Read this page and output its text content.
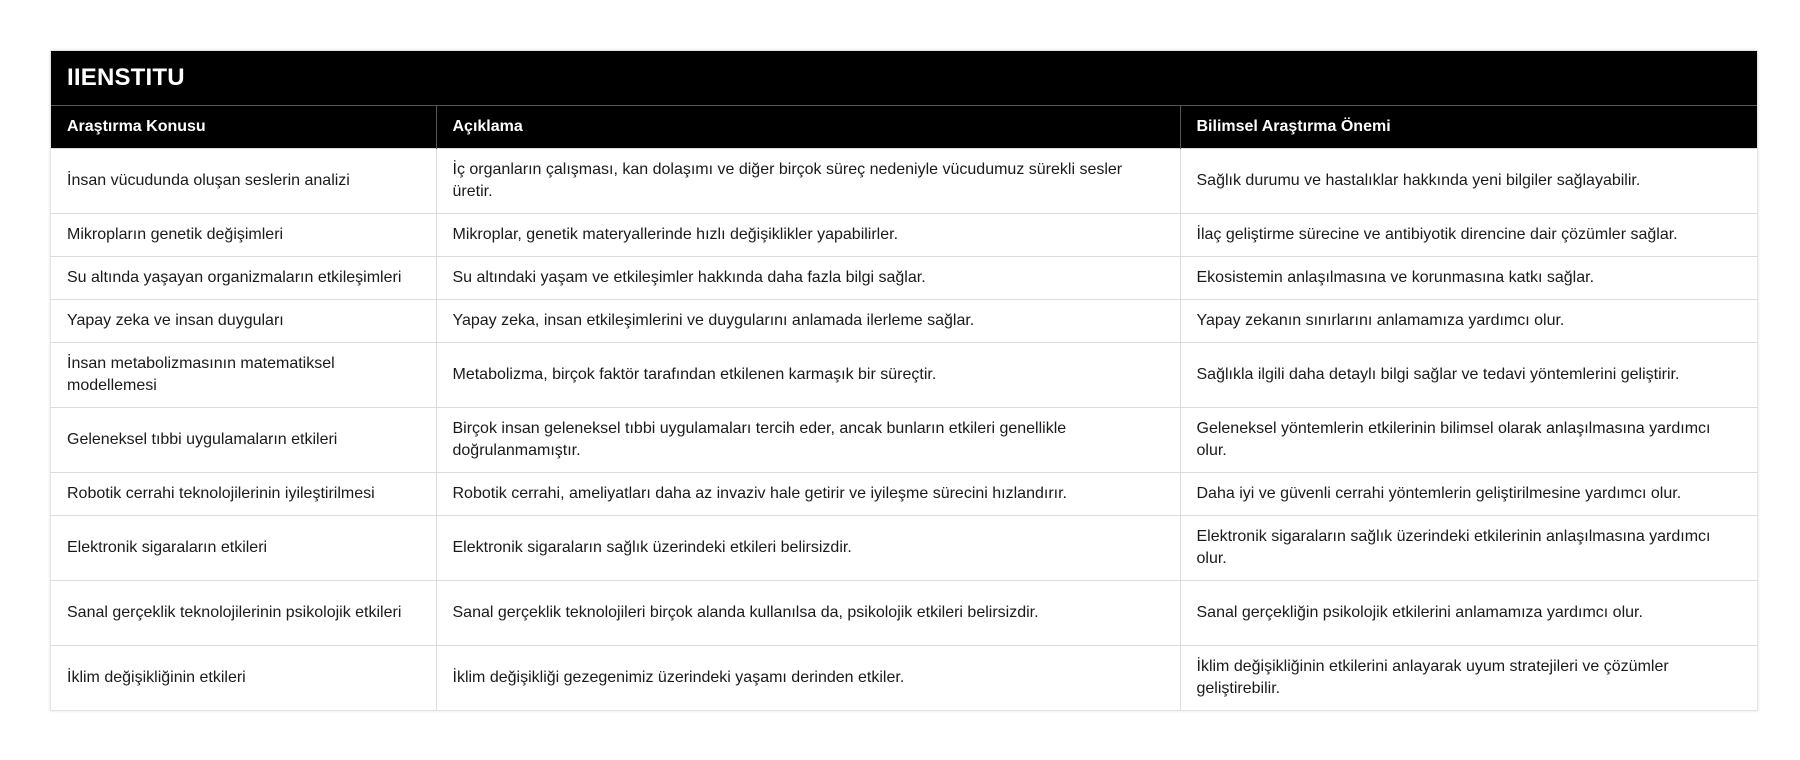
IIENSTITU
Araştırma Konusu	Açıklama	Bilimsel Araştırma Önemi
İnsan vücudunda oluşan seslerin analizi	İç organların çalışması, kan dolaşımı ve diğer birçok süreç nedeniyle vücudumuz sürekli sesler üretir.	Sağlık durumu ve hastalıklar hakkında yeni bilgiler sağlayabilir.
Mikropların genetik değişimleri	Mikroplar, genetik materyallerinde hızlı değişiklikler yapabilirler.	İlaç geliştirme sürecine ve antibiyotik direncine dair çözümler sağlar.
Su altında yaşayan organizmaların etkileşimleri	Su altındaki yaşam ve etkileşimler hakkında daha fazla bilgi sağlar.	Ekosistemin anlaşılmasına ve korunmasına katkı sağlar.
Yapay zeka ve insan duyguları	Yapay zeka, insan etkileşimlerini ve duygularını anlamada ilerleme sağlar.	Yapay zekanın sınırlarını anlamamıza yardımcı olur.
İnsan metabolizmasının matematiksel modellemesi	Metabolizma, birçok faktör tarafından etkilenen karmaşık bir süreçtir.	Sağlıkla ilgili daha detaylı bilgi sağlar ve tedavi yöntemlerini geliştirir.
Geleneksel tıbbi uygulamaların etkileri	Birçok insan geleneksel tıbbi uygulamaları tercih eder, ancak bunların etkileri genellikle doğrulanmamıştır.	Geleneksel yöntemlerin etkilerinin bilimsel olarak anlaşılmasına yardımcı olur.
Robotik cerrahi teknolojilerinin iyileştirilmesi	Robotik cerrahi, ameliyatları daha az invaziv hale getirir ve iyileşme sürecini hızlandırır.	Daha iyi ve güvenli cerrahi yöntemlerin geliştirilmesine yardımcı olur.
Elektronik sigaraların etkileri	Elektronik sigaraların sağlık üzerindeki etkileri belirsizdir.	Elektronik sigaraların sağlık üzerindeki etkilerinin anlaşılmasına yardımcı olur.
Sanal gerçeklik teknolojilerinin psikolojik etkileri	Sanal gerçeklik teknolojileri birçok alanda kullanılsa da, psikolojik etkileri belirsizdir.	Sanal gerçekliğin psikolojik etkilerini anlamamıza yardımcı olur.
İklim değişikliğinin etkileri	İklim değişikliği gezegenimiz üzerindeki yaşamı derinden etkiler.	İklim değişikliğinin etkilerini anlayarak uyum stratejileri ve çözümler geliştirebilir.
